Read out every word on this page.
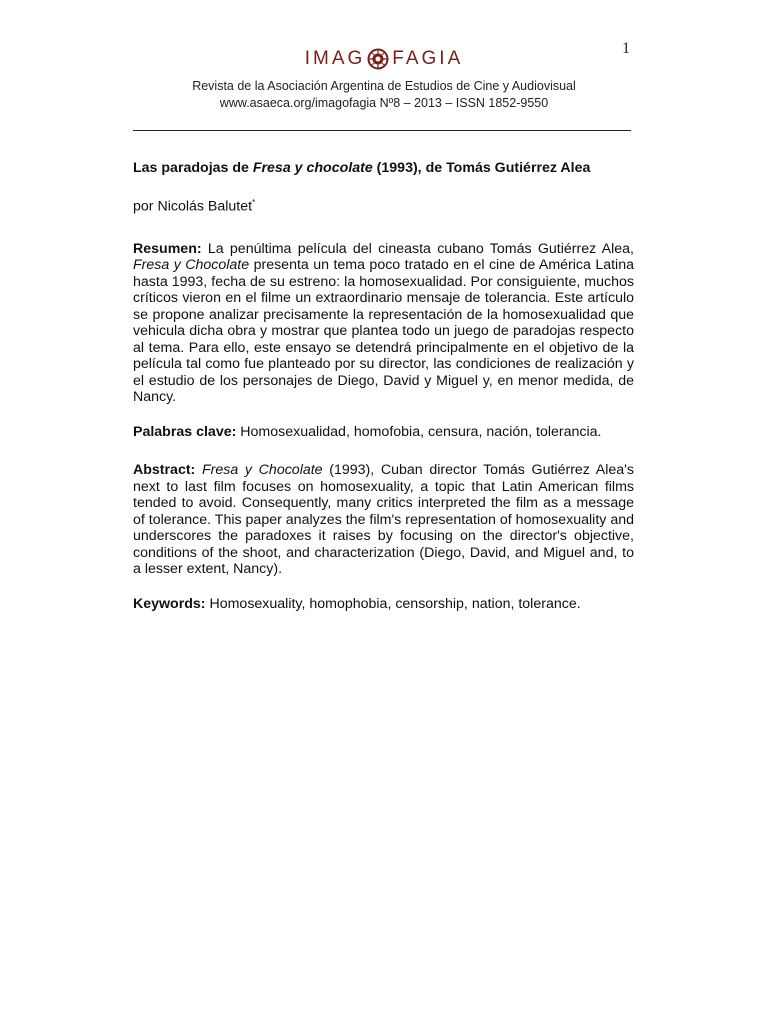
1
IMAG FAGIA
Revista de la Asociación Argentina de Estudios de Cine y Audiovisual
www.asaeca.org/imagofagia Nº8 – 2013 – ISSN 1852-9550

Las paradojas de Fresa y chocolate (1993), de Tomás Gutiérrez Alea

por Nicolás Balutet*

Resumen: La penúltima película del cineasta cubano Tomás Gutiérrez Alea, Fresa y Chocolate presenta un tema poco tratado en el cine de América Latina hasta 1993, fecha de su estreno: la homosexualidad. Por consiguiente, muchos críticos vieron en el filme un extraordinario mensaje de tolerancia. Este artículo se propone analizar precisamente la representación de la homosexualidad que vehicula dicha obra y mostrar que plantea todo un juego de paradojas respecto al tema. Para ello, este ensayo se detendrá principalmente en el objetivo de la película tal como fue planteado por su director, las condiciones de realización y el estudio de los personajes de Diego, David y Miguel y, en menor medida, de Nancy.

Palabras clave: Homosexualidad, homofobia, censura, nación, tolerancia.

Abstract: Fresa y Chocolate (1993), Cuban director Tomás Gutiérrez Alea's next to last film focuses on homosexuality, a topic that Latin American films tended to avoid. Consequently, many critics interpreted the film as a message of tolerance. This paper analyzes the film's representation of homosexuality and underscores the paradoxes it raises by focusing on the director's objective, conditions of the shoot, and characterization (Diego, David, and Miguel and, to a lesser extent, Nancy).

Keywords: Homosexuality, homophobia, censorship, nation, tolerance.
